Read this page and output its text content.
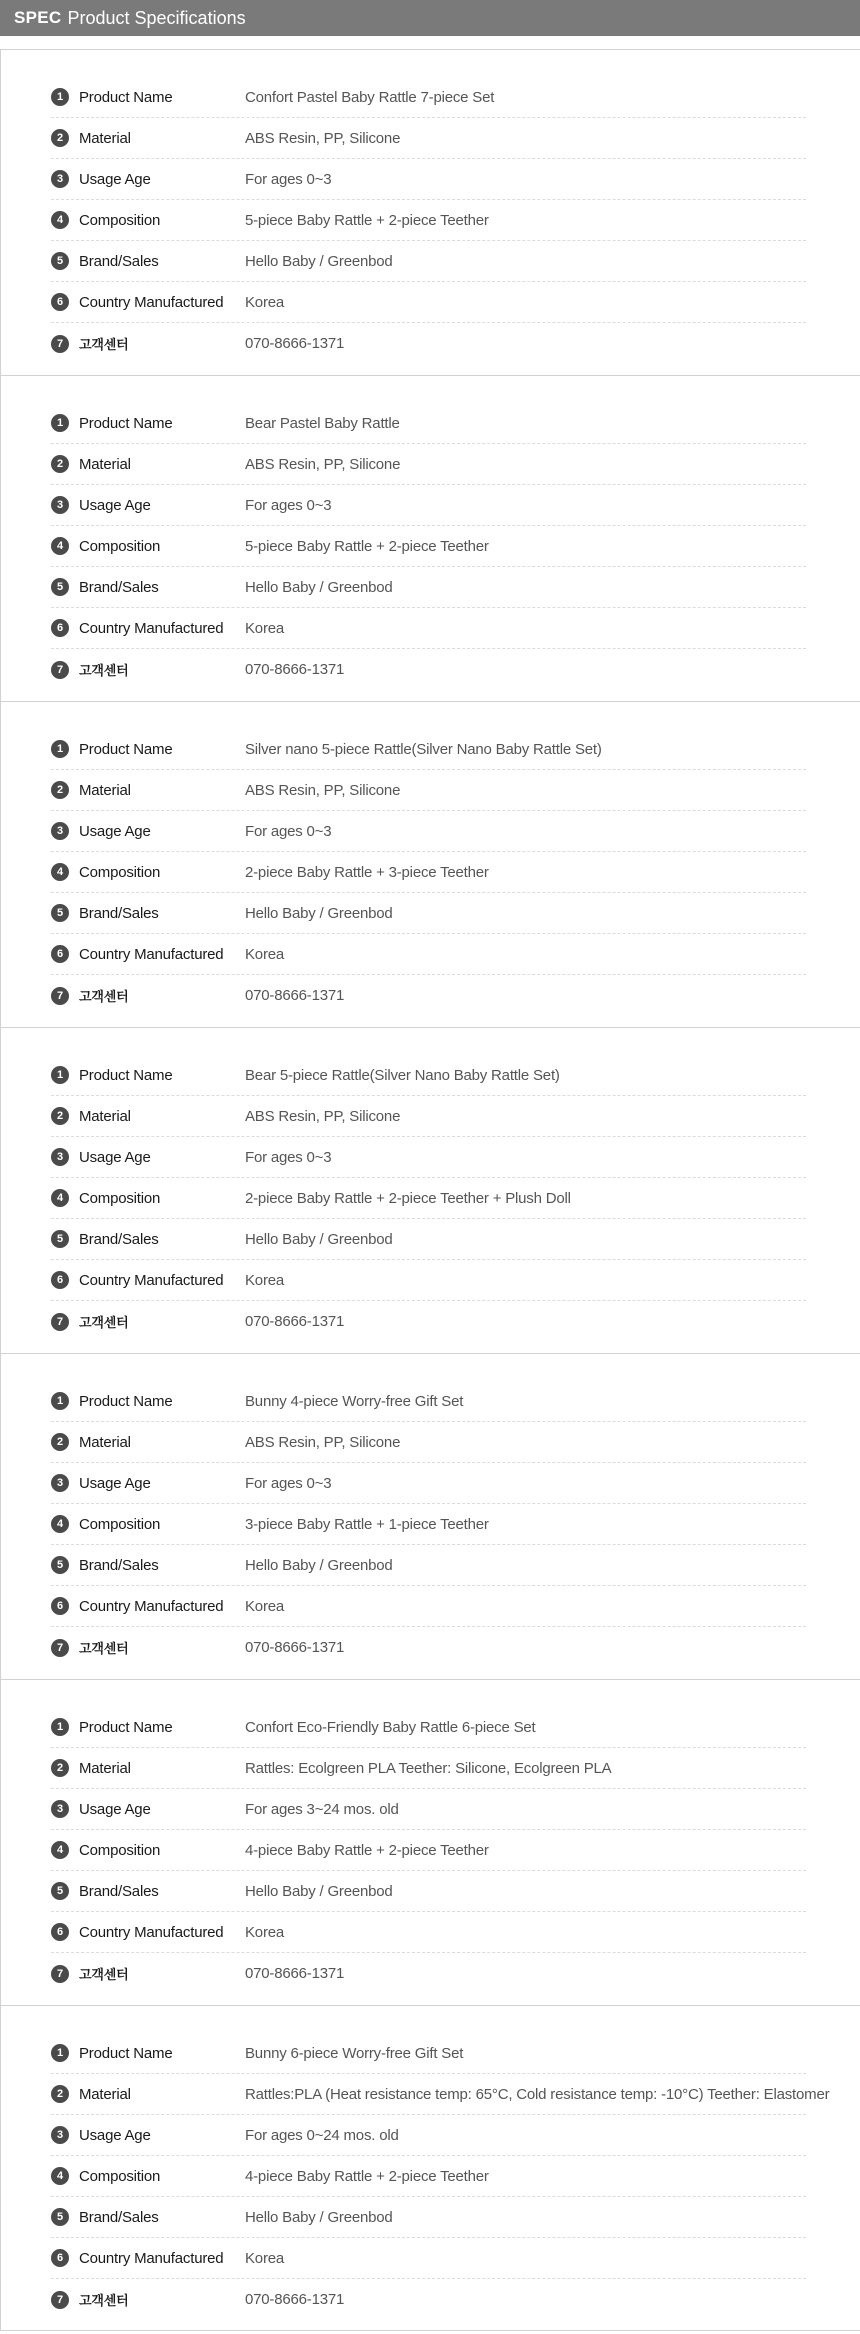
SPEC Product Specifications
1	Product Name	Confort Pastel Baby Rattle 7-piece Set
2	Material	ABS Resin, PP, Silicone
3	Usage Age	For ages 0~3
4	Composition	5-piece Baby Rattle + 2-piece Teether
5	Brand/Sales	Hello Baby / Greenbod
6	Country Manufactured	Korea
7	고객센터	070-8666-1371
1	Product Name	Bear Pastel Baby Rattle
2	Material	ABS Resin, PP, Silicone
3	Usage Age	For ages 0~3
4	Composition	5-piece Baby Rattle + 2-piece Teether
5	Brand/Sales	Hello Baby / Greenbod
6	Country Manufactured	Korea
7	고객센터	070-8666-1371
1	Product Name	Silver nano 5-piece Rattle(Silver Nano Baby Rattle Set)
2	Material	ABS Resin, PP, Silicone
3	Usage Age	For ages 0~3
4	Composition	2-piece Baby Rattle + 3-piece Teether
5	Brand/Sales	Hello Baby / Greenbod
6	Country Manufactured	Korea
7	고객센터	070-8666-1371
1	Product Name	Bear 5-piece Rattle(Silver Nano Baby Rattle Set)
2	Material	ABS Resin, PP, Silicone
3	Usage Age	For ages 0~3
4	Composition	2-piece Baby Rattle + 2-piece Teether + Plush Doll
5	Brand/Sales	Hello Baby / Greenbod
6	Country Manufactured	Korea
7	고객센터	070-8666-1371
1	Product Name	Bunny 4-piece Worry-free Gift Set
2	Material	ABS Resin, PP, Silicone
3	Usage Age	For ages 0~3
4	Composition	3-piece Baby Rattle + 1-piece Teether
5	Brand/Sales	Hello Baby / Greenbod
6	Country Manufactured	Korea
7	고객센터	070-8666-1371
1	Product Name	Confort Eco-Friendly Baby Rattle 6-piece Set
2	Material	Rattles: Ecolgreen PLA Teether: Silicone, Ecolgreen PLA
3	Usage Age	For ages 3~24 mos. old
4	Composition	4-piece Baby Rattle + 2-piece Teether
5	Brand/Sales	Hello Baby / Greenbod
6	Country Manufactured	Korea
7	고객센터	070-8666-1371
1	Product Name	Bunny 6-piece Worry-free Gift Set
2	Material	Rattles:PLA (Heat resistance temp: 65°C, Cold resistance temp: -10°C) Teether: Elastomer
3	Usage Age	For ages 0~24 mos. old
4	Composition	4-piece Baby Rattle + 2-piece Teether
5	Brand/Sales	Hello Baby / Greenbod
6	Country Manufactured	Korea
7	고객센터	070-8666-1371
